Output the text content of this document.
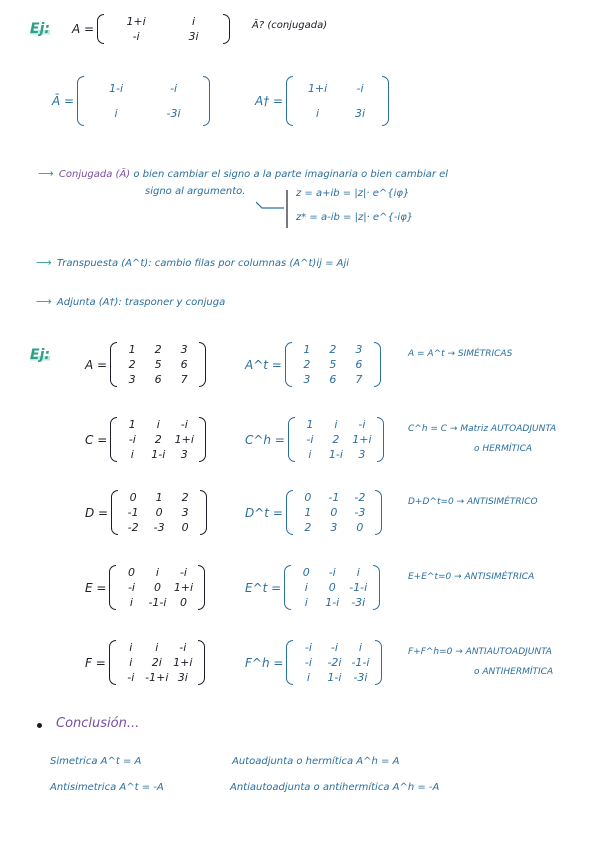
Ej: A =
1+i	i
-i	3i
Ā? (conjugada)
Ā =
1-i	-i
i	-3i
A† =
1+i	-i
i	3i
⟶ Conjugada (Ā) o bien cambiar el signo a la parte imaginaria o bien cambiar el
signo al argumento.	z = a+ib = |z|· e^{iφ}
z* = a-ib = |z|· e^{-iφ}
⟶ Transpuesta (A^t): cambio filas por columnas (A^t)ij = Aji
⟶ Adjunta (A†): trasponer y conjuga
Ej:
A =
1	2	3
2	5	6
3	6	7
A^t =
1	2	3
2	5	6
3	6	7
A = A^t → SIMÉTRICAS
C =
1	i	-i
-i	2	1+i
i	1-i	3
C^h =
1	i	-i
-i	2	1+i
i	1-i	3
C^h = C → Matriz AUTOADJUNTA
o HERMÍTICA
D =
0	1	2
-1	0	3
-2	-3	0
D^t =
0	-1	-2
1	0	-3
2	3	0
D+D^t=0 → ANTISIMÉTRICO
E =
0	i	-i
-i	0	1+i
i	-1-i	0
E^t =
0	-i	i
i	0	-1-i
i	1-i	-3i
E+E^t=0 → ANTISIMÉTRICA
F =
i	i	-i
i	2i	1+i
-i	-1+i	3i
F^h =
-i	-i	i
-i	-2i	-1-i
i	1-i	-3i
F+F^h=0 → ANTIAUTOADJUNTA
o ANTIHERMÍTICA
Conclusión...
Simetrica A^t = A
Antisimetrica A^t = -A
Autoadjunta o hermítica A^h = A
Antiautoadjunta o antihermítica A^h = -A
